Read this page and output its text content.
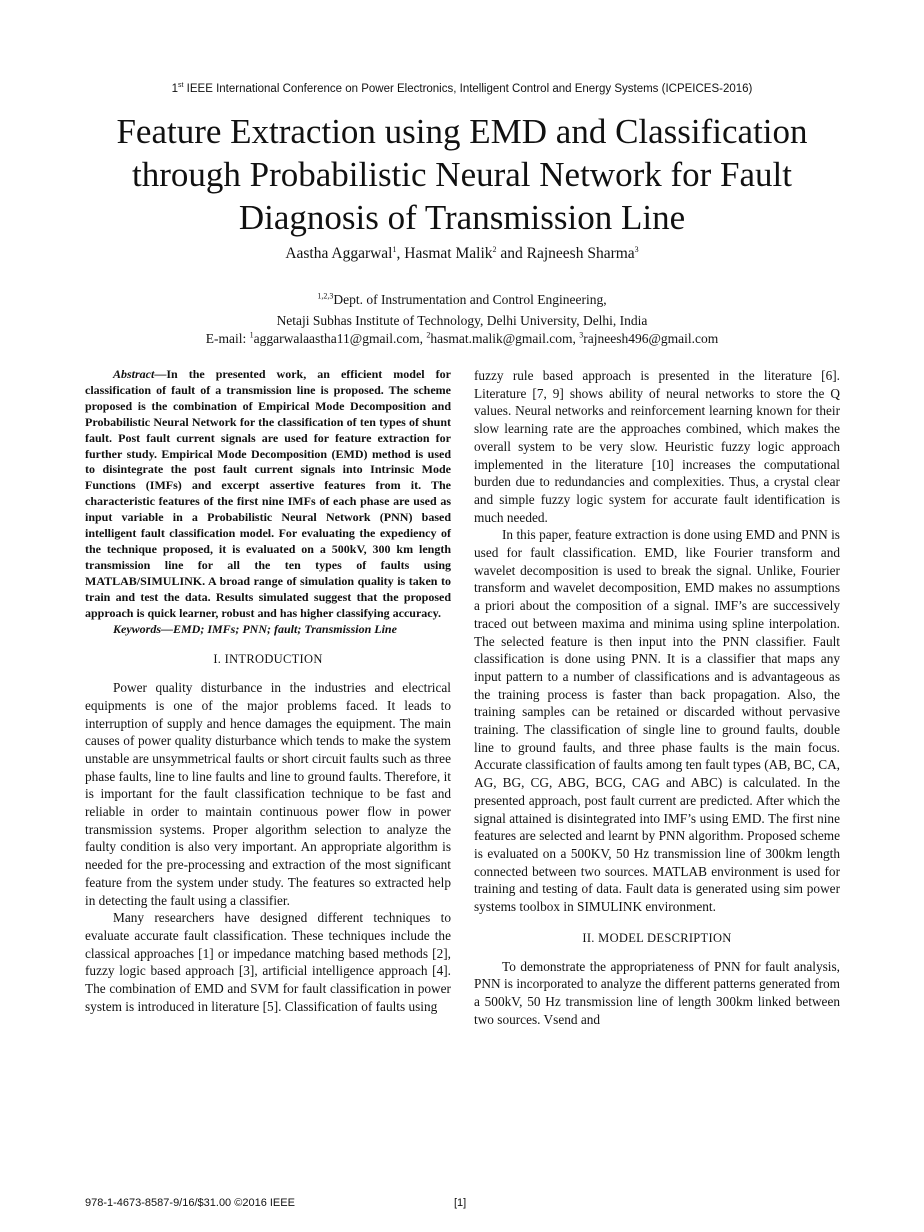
1st IEEE International Conference on Power Electronics, Intelligent Control and Energy Systems (ICPEICES-2016)
Feature Extraction using EMD and Classification through Probabilistic Neural Network for Fault Diagnosis of Transmission Line
Aastha Aggarwal$^1$, Hasmat Malik$^2$ and Rajneesh Sharma$^3$
$^{1,2,3}$Dept. of Instrumentation and Control Engineering,
Netaji Subhas Institute of Technology, Delhi University, Delhi, India
E-mail: $^1$aggarwalaastha11@gmail.com, $^2$hasmat.malik@gmail.com, $^3$rajneesh496@gmail.com

Abstract—In the presented work, an efficient model for classification of fault of a transmission line is proposed. The scheme proposed is the combination of Empirical Mode Decomposition and Probabilistic Neural Network for the classification of ten types of shunt fault. Post fault current signals are used for feature extraction for further study. Empirical Mode Decomposition (EMD) method is used to disintegrate the post fault current signals into Intrinsic Mode Functions (IMFs) and excerpt assertive features from it. The characteristic features of the first nine IMFs of each phase are used as input variable in a Probabilistic Neural Network (PNN) based intelligent fault classification model. For evaluating the expediency of the technique proposed, it is evaluated on a 500kV, 300 km length transmission line for all the ten types of faults using MATLAB/SIMULINK. A broad range of simulation quality is taken to train and test the data. Results simulated suggest that the proposed approach is quick learner, robust and has higher classifying accuracy.

Keywords—EMD; IMFs; PNN; fault; Transmission Line

I. INTRODUCTION

Power quality disturbance in the industries and electrical equipments is one of the major problems faced. It leads to interruption of supply and hence damages the equipment. The main causes of power quality disturbance which tends to make the system unstable are unsymmetrical faults or short circuit faults such as three phase faults, line to line faults and line to ground faults. Therefore, it is important for the fault classification technique to be fast and reliable in order to maintain continuous power flow in power transmission systems. Proper algorithm selection to analyze the faulty condition is also very important. An appropriate algorithm is needed for the pre-processing and extraction of the most significant feature from the system under study. The features so extracted help in detecting the fault using a classifier.

Many researchers have designed different techniques to evaluate accurate fault classification. These techniques include the classical approaches [1] or impedance matching based methods [2], fuzzy logic based approach [3], artificial intelligence approach [4]. The combination of EMD and SVM for fault classification in power system is introduced in literature [5]. Classification of faults using

fuzzy rule based approach is presented in the literature [6]. Literature [7, 9] shows ability of neural networks to store the Q values. Neural networks and reinforcement learning known for their slow learning rate are the approaches combined, which makes the overall system to be very slow. Heuristic fuzzy logic approach implemented in the literature [10] increases the computational burden due to redundancies and complexities. Thus, a crystal clear and simple fuzzy logic system for accurate fault identification is much needed.

In this paper, feature extraction is done using EMD and PNN is used for fault classification. EMD, like Fourier transform and wavelet decomposition is used to break the signal. Unlike, Fourier transform and wavelet decomposition, EMD makes no assumptions a priori about the composition of a signal. IMF’s are successively traced out between maxima and minima using spline interpolation. The selected feature is then input into the PNN classifier. Fault classification is done using PNN. It is a classifier that maps any input pattern to a number of classifications and is advantageous as the training process is faster than back propagation. Also, the training samples can be retained or discarded without pervasive training. The classification of single line to ground faults, double line to ground faults, and three phase faults is the main focus. Accurate classification of faults among ten fault types (AB, BC, CA, AG, BG, CG, ABG, BCG, CAG and ABC) is calculated. In the presented approach, post fault current are predicted. After which the signal attained is disintegrated into IMF’s using EMD. The first nine features are selected and learnt by PNN algorithm. Proposed scheme is evaluated on a 500KV, 50 Hz transmission line of 300km length connected between two sources. MATLAB environment is used for training and testing of data. Fault data is generated using sim power systems toolbox in SIMULINK environment.

II. MODEL DESCRIPTION

To demonstrate the appropriateness of PNN for fault analysis, PNN is incorporated to analyze the different patterns generated from a 500kV, 50 Hz transmission line of length 300km linked between two sources. Vsend and

978-1-4673-8587-9/16/$31.00 ©2016 IEEE	[1]
